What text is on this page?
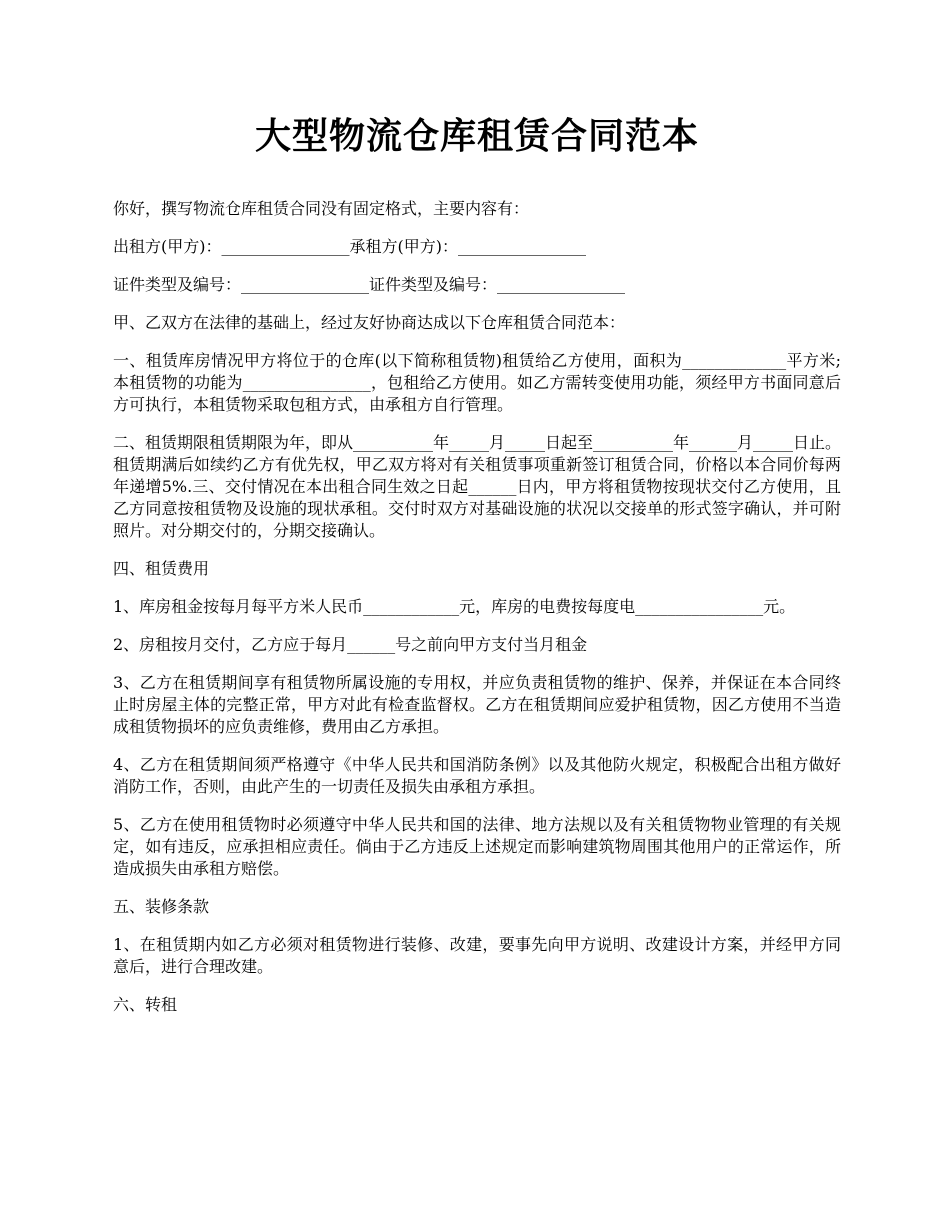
大型物流仓库租赁合同范本

你好，撰写物流仓库租赁合同没有固定格式，主要内容有：

出租方(甲方)：________________承租方(甲方)：________________

证件类型及编号：________________证件类型及编号：________________

甲、乙双方在法律的基础上，经过友好协商达成以下仓库租赁合同范本：

一、租赁库房情况甲方将位于的仓库(以下简称租赁物)租赁给乙方使用，面积为_____________平方米;本租赁物的功能为________________，包租给乙方使用。如乙方需转变使用功能，须经甲方书面同意后方可执行，本租赁物采取包租方式，由承租方自行管理。

二、租赁期限租赁期限为年，即从__________年_____月_____日起至__________年______月_____日止。租赁期满后如续约乙方有优先权，甲乙双方将对有关租赁事项重新签订租赁合同，价格以本合同价每两年递增5%.三、交付情况在本出租合同生效之日起______日内，甲方将租赁物按现状交付乙方使用，且乙方同意按租赁物及设施的现状承租。交付时双方对基础设施的状况以交接单的形式签字确认，并可附照片。对分期交付的，分期交接确认。

四、租赁费用

1、库房租金按每月每平方米人民币____________元，库房的电费按每度电________________元。

2、房租按月交付，乙方应于每月______号之前向甲方支付当月租金

3、乙方在租赁期间享有租赁物所属设施的专用权，并应负责租赁物的维护、保养，并保证在本合同终止时房屋主体的完整正常，甲方对此有检查监督权。乙方在租赁期间应爱护租赁物，因乙方使用不当造成租赁物损坏的应负责维修，费用由乙方承担。

4、乙方在租赁期间须严格遵守《中华人民共和国消防条例》以及其他防火规定，积极配合出租方做好消防工作，否则，由此产生的一切责任及损失由承租方承担。

5、乙方在使用租赁物时必须遵守中华人民共和国的法律、地方法规以及有关租赁物物业管理的有关规定，如有违反，应承担相应责任。倘由于乙方违反上述规定而影响建筑物周围其他用户的正常运作，所造成损失由承租方赔偿。

五、装修条款

1、在租赁期内如乙方必须对租赁物进行装修、改建，要事先向甲方说明、改建设计方案，并经甲方同意后，进行合理改建。

六、转租
